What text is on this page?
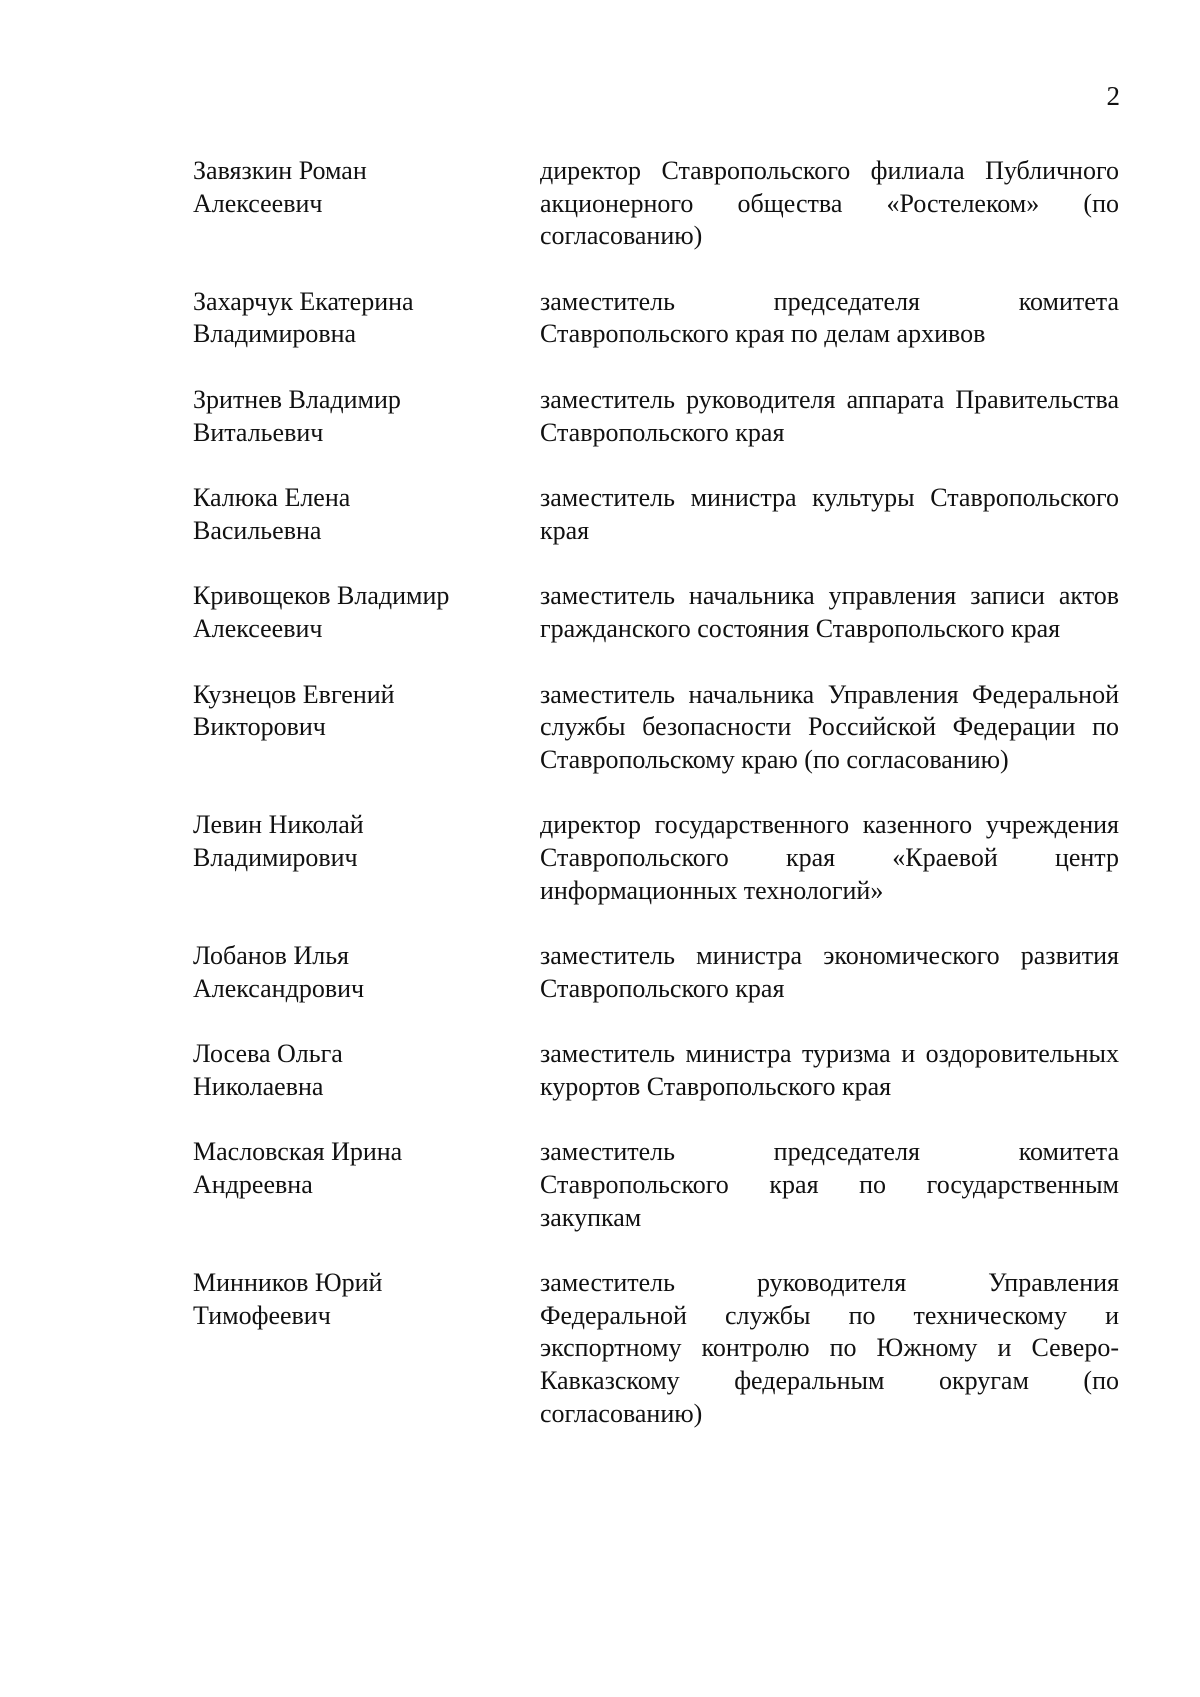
2
Завязкин Роман
Алексеевич
директор Ставропольского филиала Публичного акционерного общества «Ростелеком» (по согласованию)
Захарчук Екатерина
Владимировна
заместитель председателя комитета Ставропольского края по делам архивов
Зритнев Владимир
Витальевич
заместитель руководителя аппарата Правительства Ставропольского края
Калюка Елена
Васильевна
заместитель министра культуры Ставропольского края
Кривощеков Владимир
Алексеевич
заместитель начальника управления записи актов гражданского состояния Ставропольского края
Кузнецов Евгений
Викторович
заместитель начальника Управления Федеральной службы безопасности Российской Федерации по Ставропольскому краю (по согласованию)
Левин Николай
Владимирович
директор государственного казенного учреждения Ставропольского края «Краевой центр информационных технологий»
Лобанов Илья
Александрович
заместитель министра экономического развития Ставропольского края
Лосева Ольга
Николаевна
заместитель министра туризма и оздоровительных курортов Ставропольского края
Масловская Ирина
Андреевна
заместитель председателя комитета Ставропольского края по государственным закупкам
Минников Юрий
Тимофеевич
заместитель руководителя Управления Федеральной службы по техническому и экспортному контролю по Южному и Северо-Кавказскому федеральным округам (по согласованию)
